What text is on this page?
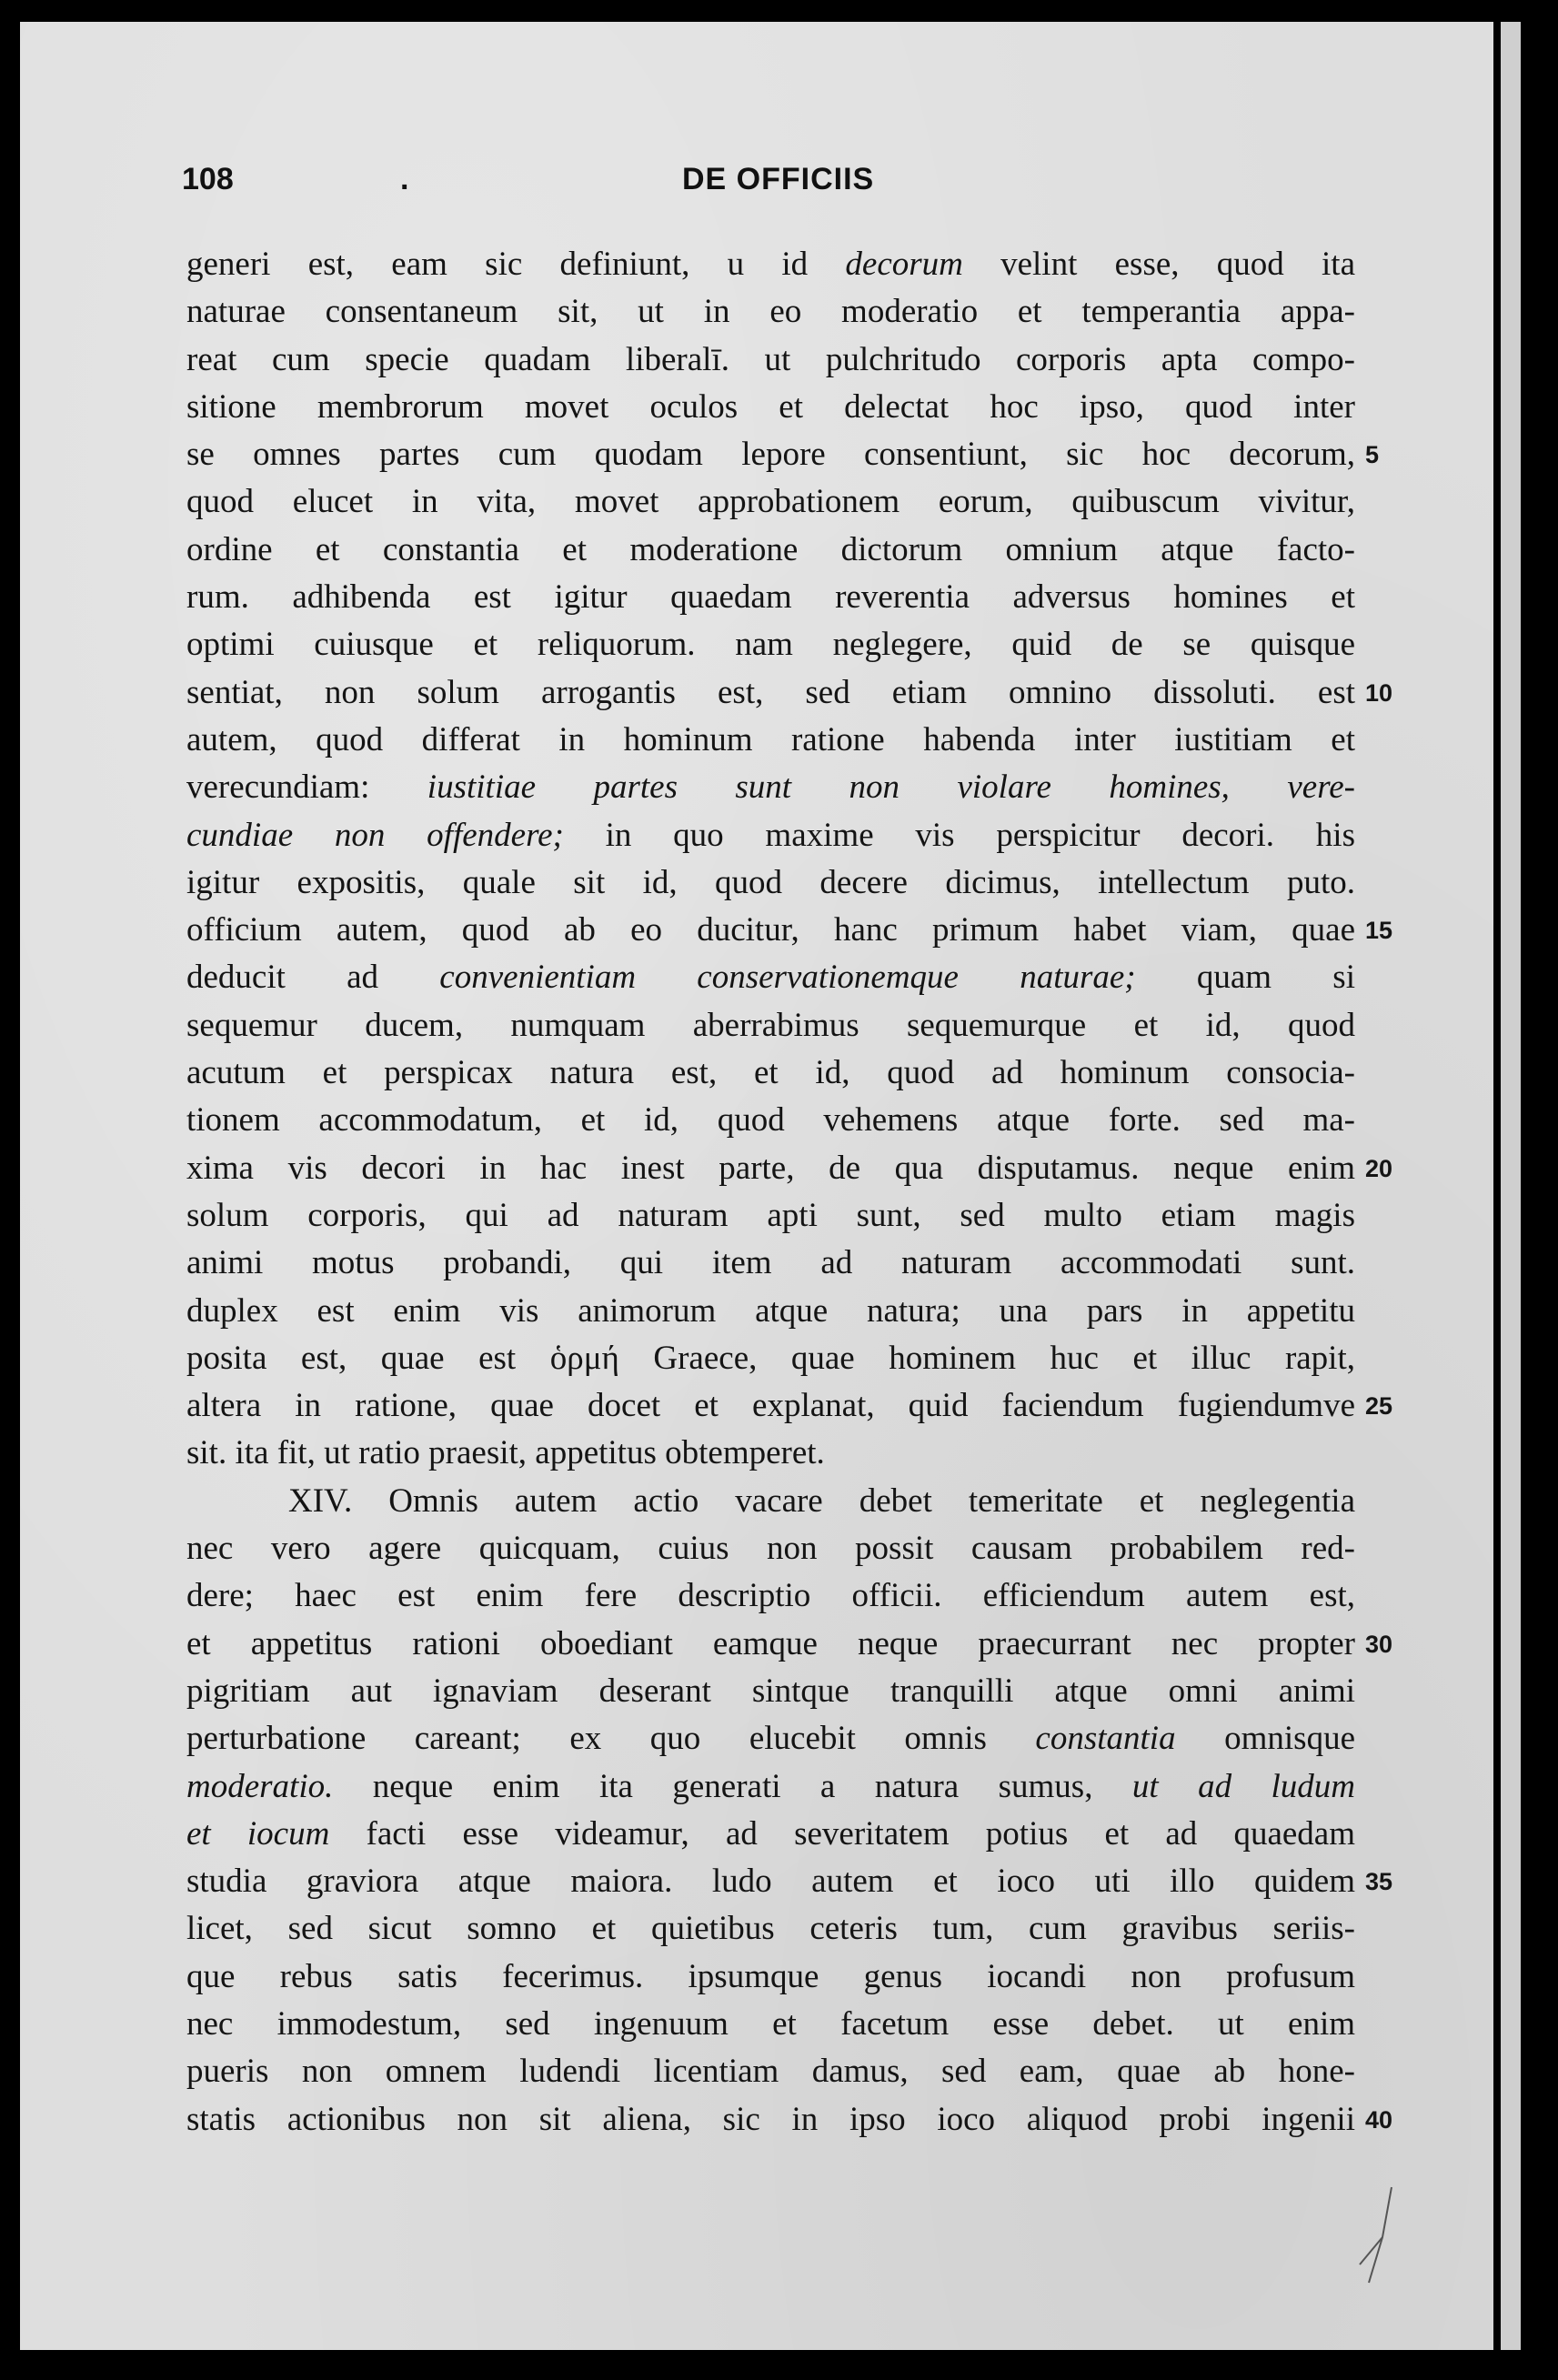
108	.	DE OFFICIIS
generi est, eam sic definiunt, u id decorum velint esse, quod ita
naturae consentaneum sit, ut in eo moderatio et temperantia appa-
reat cum specie quadam liberalī. ut pulchritudo corporis apta compo-
sitione membrorum movet oculos et delectat hoc ipso, quod inter
se omnes partes cum quodam lepore consentiunt, sic hoc decorum, 5
quod elucet in vita, movet approbationem eorum, quibuscum vivitur,
ordine et constantia et moderatione dictorum omnium atque facto-
rum. adhibenda est igitur quaedam reverentia adversus homines et
optimi cuiusque et reliquorum. nam neglegere, quid de se quisque
sentiat, non solum arrogantis est, sed etiam omnino dissoluti. est 10
autem, quod differat in hominum ratione habenda inter iustitiam et
verecundiam: iustitiae partes sunt non violare homines, vere-
cundiae non offendere; in quo maxime vis perspicitur decori. his
igitur expositis, quale sit id, quod decere dicimus, intellectum puto.
officium autem, quod ab eo ducitur, hanc primum habet viam, quae 15
deducit ad convenientiam conservationemque naturae; quam si
sequemur ducem, numquam aberrabimus sequemurque et id, quod
acutum et perspicax natura est, et id, quod ad hominum consocia-
tionem accommodatum, et id, quod vehemens atque forte. sed ma-
xima vis decori in hac inest parte, de qua disputamus. neque enim 20
solum corporis, qui ad naturam apti sunt, sed multo etiam magis
animi motus probandi, qui item ad naturam accommodati sunt.
duplex est enim vis animorum atque natura; una pars in appetitu
posita est, quae est ὁρμή Graece, quae hominem huc et illuc rapit,
altera in ratione, quae docet et explanat, quid faciendum fugiendumve 25
sit. ita fit, ut ratio praesit, appetitus obtemperet.
XIV. Omnis autem actio vacare debet temeritate et neglegentia
nec vero agere quicquam, cuius non possit causam probabilem red-
dere; haec est enim fere descriptio officii. efficiendum autem est,
et appetitus rationi oboediant eamque neque praecurrant nec propter 30
pigritiam aut ignaviam deserant sintque tranquilli atque omni animi
perturbatione careant; ex quo elucebit omnis constantia omnisque
moderatio. neque enim ita generati a natura sumus, ut ad ludum
et iocum facti esse videamur, ad severitatem potius et ad quaedam
studia graviora atque maiora. ludo autem et ioco uti illo quidem 35
licet, sed sicut somno et quietibus ceteris tum, cum gravibus seriis-
que rebus satis fecerimus. ipsumque genus iocandi non profusum
nec immodestum, sed ingenuum et facetum esse debet. ut enim
pueris non omnem ludendi licentiam damus, sed eam, quae ab hone-
statis actionibus non sit aliena, sic in ipso ioco aliquod probi ingenii 40
